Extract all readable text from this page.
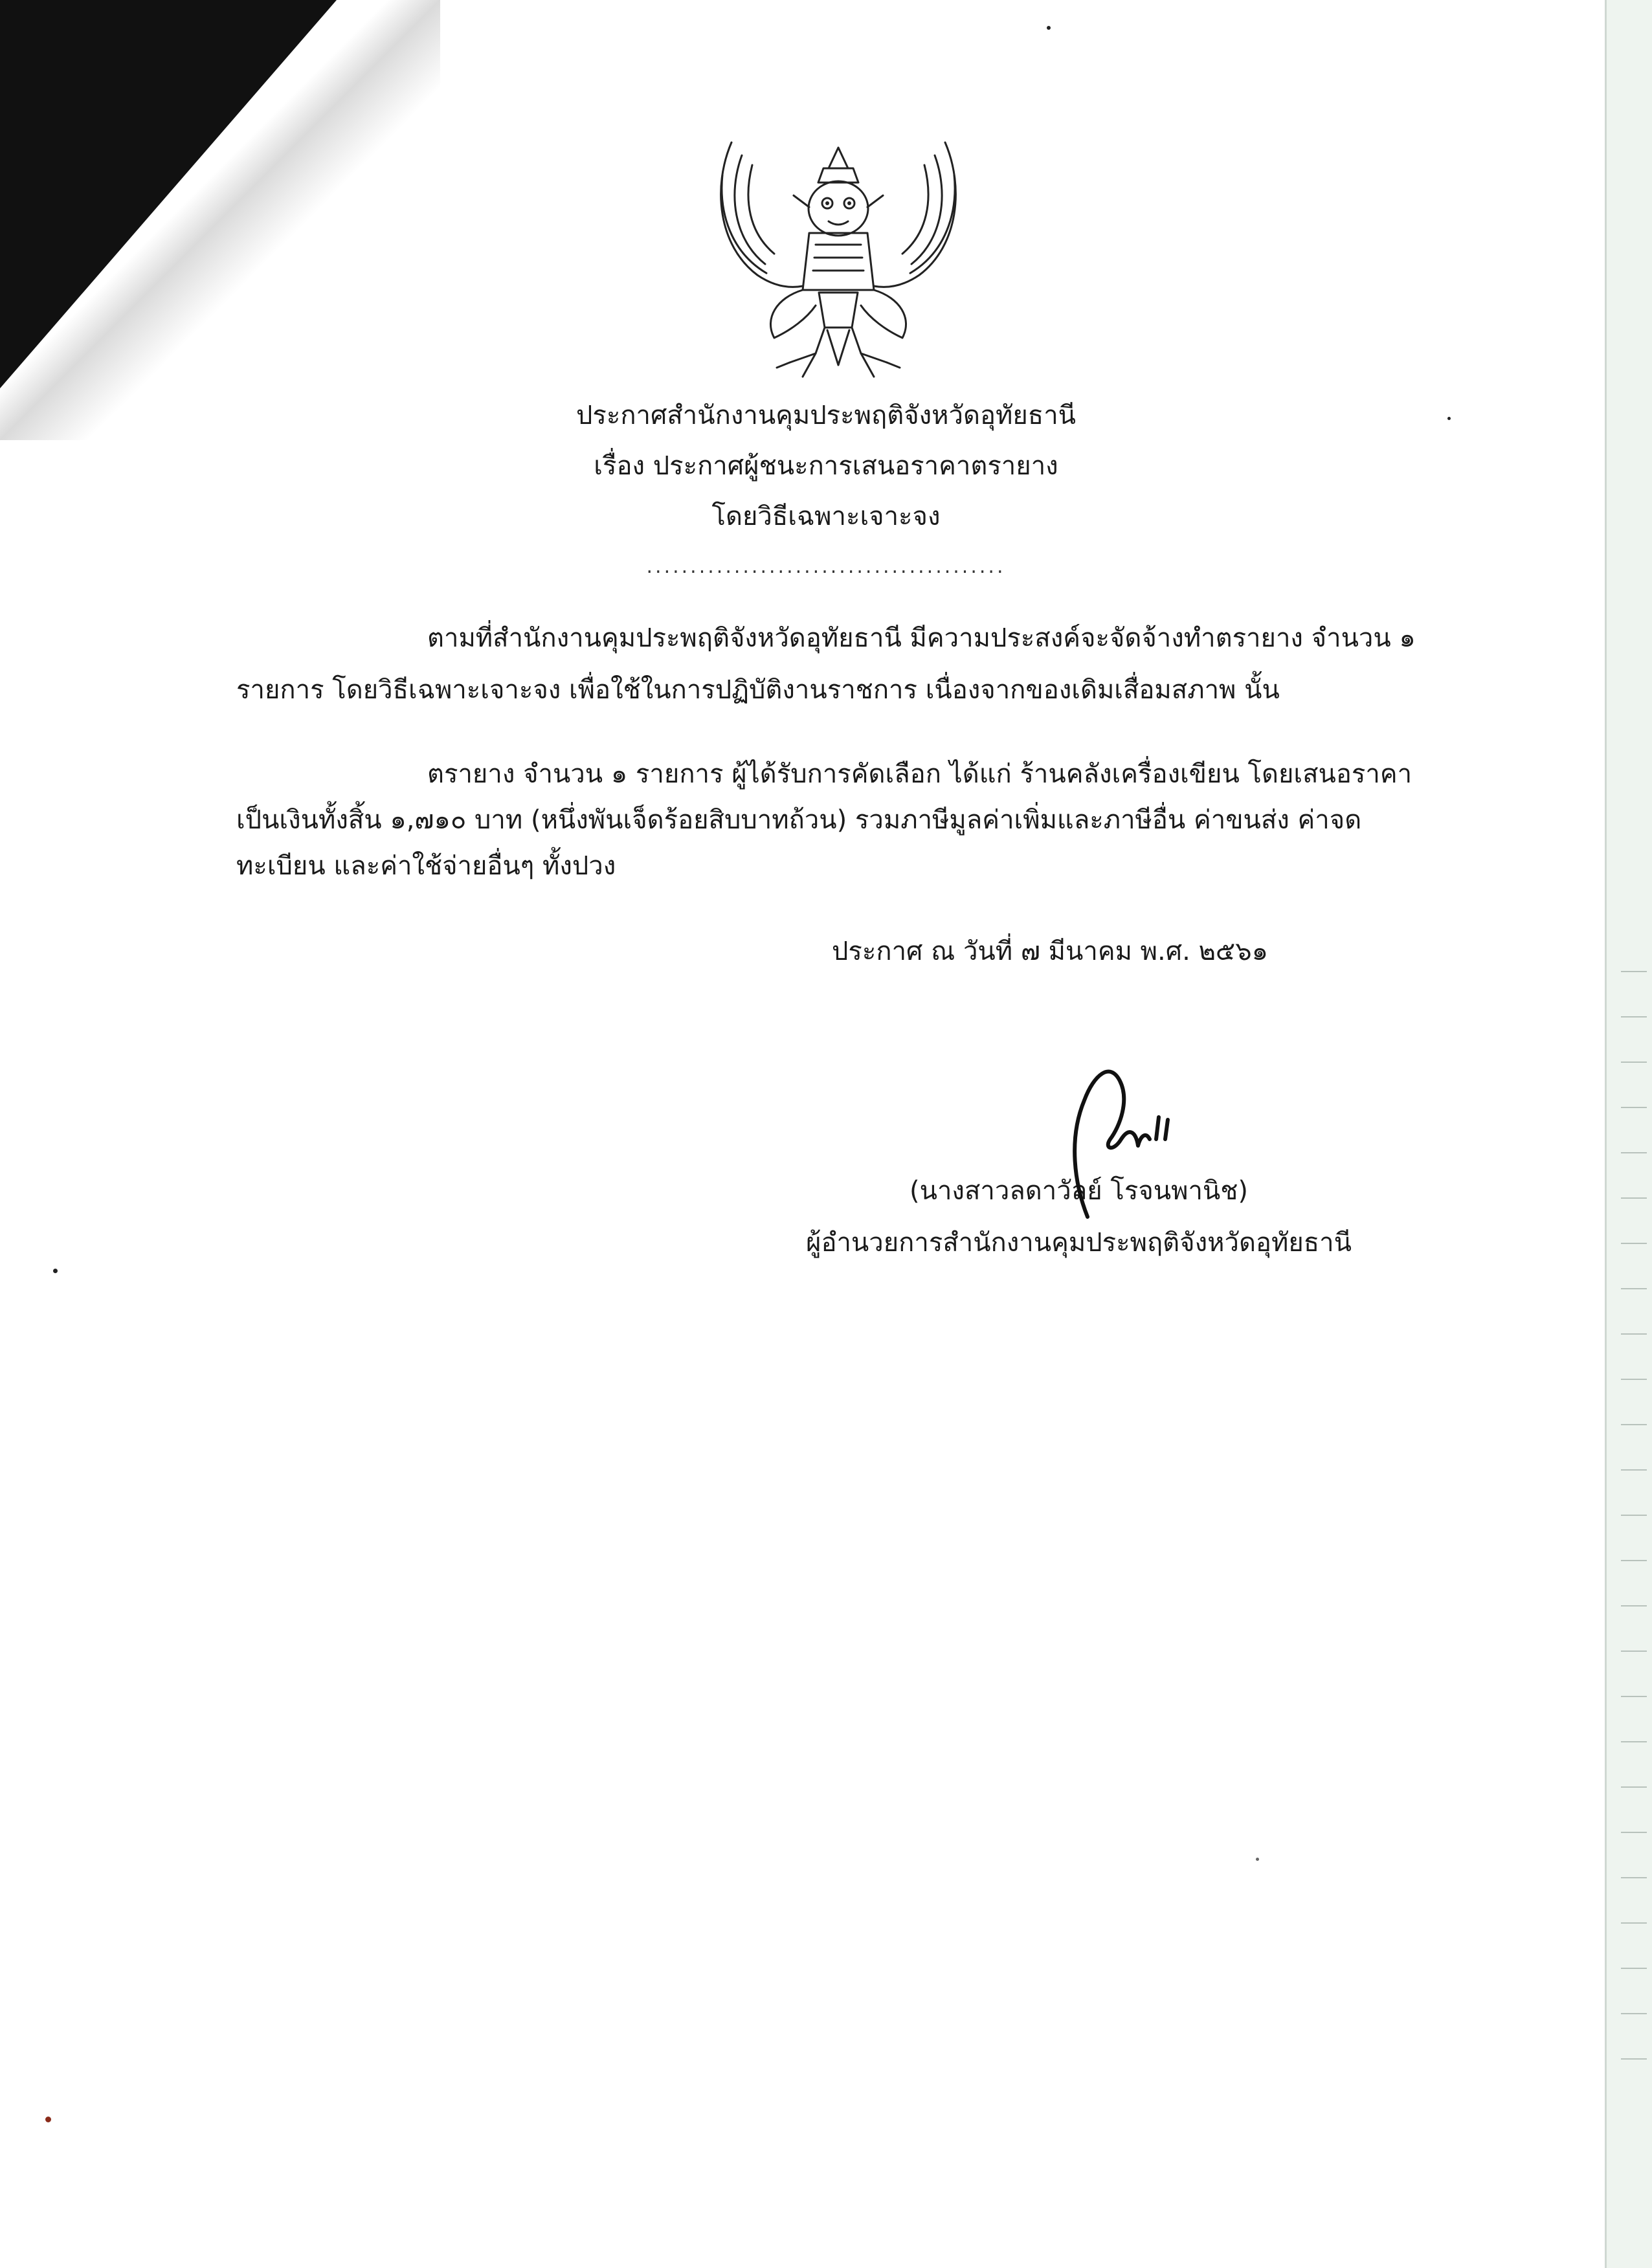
ประกาศสำนักงานคุมประพฤติจังหวัดอุทัยธานี
เรื่อง ประกาศผู้ชนะการเสนอราคาตรายาง
โดยวิธีเฉพาะเจาะจง
.........................................
ตามที่สำนักงานคุมประพฤติจังหวัดอุทัยธานี มีความประสงค์จะจัดจ้างทำตรายาง จำนวน ๑
รายการ โดยวิธีเฉพาะเจาะจง เพื่อใช้ในการปฏิบัติงานราชการ เนื่องจากของเดิมเสื่อมสภาพ นั้น
ตรายาง จำนวน ๑ รายการ ผู้ได้รับการคัดเลือก ได้แก่ ร้านคลังเครื่องเขียน โดยเสนอราคา
เป็นเงินทั้งสิ้น ๑,๗๑๐ บาท (หนึ่งพันเจ็ดร้อยสิบบาทถ้วน) รวมภาษีมูลค่าเพิ่มและภาษีอื่น ค่าขนส่ง ค่าจด
ทะเบียน และค่าใช้จ่ายอื่นๆ ทั้งปวง
ประกาศ ณ วันที่ ๗ มีนาคม พ.ศ. ๒๕๖๑
(นางสาวลดาวัลย์ โรจนพานิช)
ผู้อำนวยการสำนักงานคุมประพฤติจังหวัดอุทัยธานี
